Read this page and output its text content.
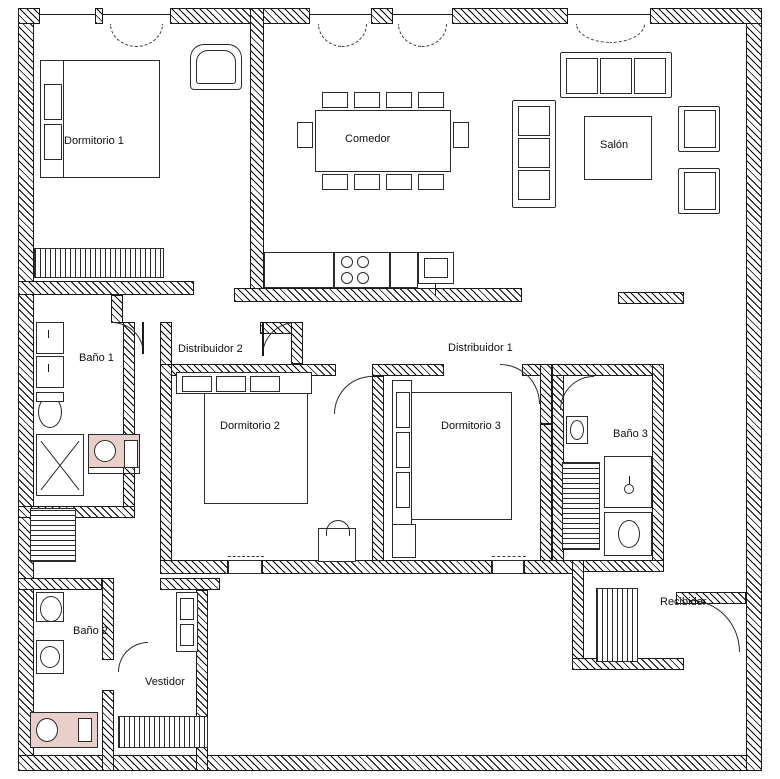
Dormitorio 1	Comedor	Salón
Baño 1
Distribuidor 2	Distribuidor 1
Dormitorio 2	Dormitorio 3
Baño 3
Baño 2
Vestidor
Recibidor
